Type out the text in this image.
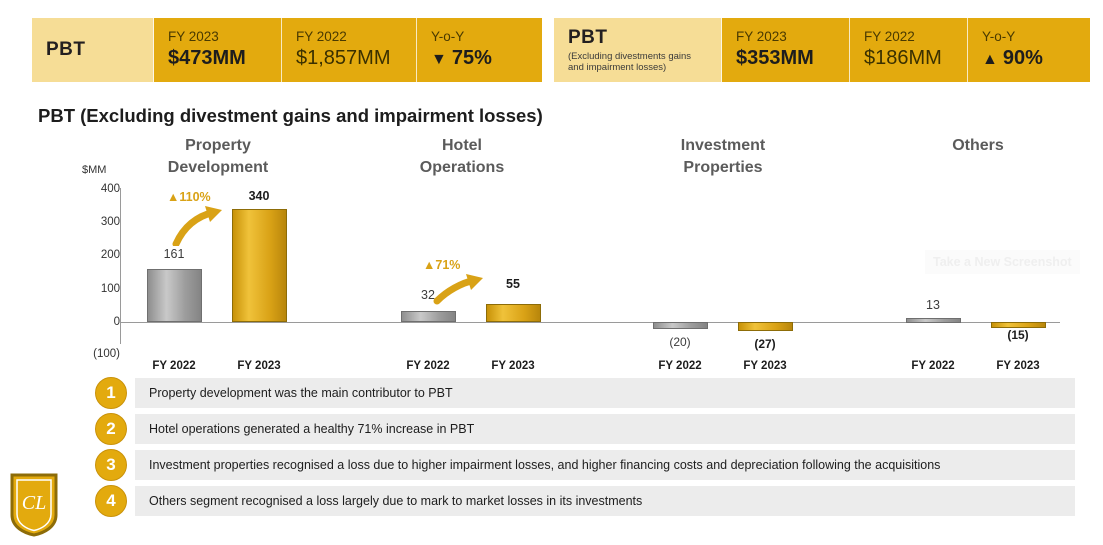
PBT
FY 2023
$473MM
FY 2022
$1,857MM
Y-o-Y
▼ 75%
PBT
(Excluding divestments gains and impairment losses)
FY 2023
$353MM
FY 2022
$186MM
Y-o-Y
▲ 90%
PBT (Excluding divestment gains and impairment losses)
Property
Development
Hotel
Operations
Investment
Properties
Others
$MM
400
300
200
100
0
(100)
161
340
▲110%
FY 2022	FY 2023
32
55
▲71%
FY 2022	FY 2023
(20)	(27)
FY 2022	FY 2023
13
(15)
FY 2022	FY 2023
Take a New Screenshot
1	Property development was the main contributor to PBT
2	Hotel operations generated a healthy 71% increase in PBT
3	Investment properties recognised a loss due to higher impairment losses, and higher financing costs and depreciation following the acquisitions
4	Others segment recognised a loss largely due to mark to market losses in its investments
CL
